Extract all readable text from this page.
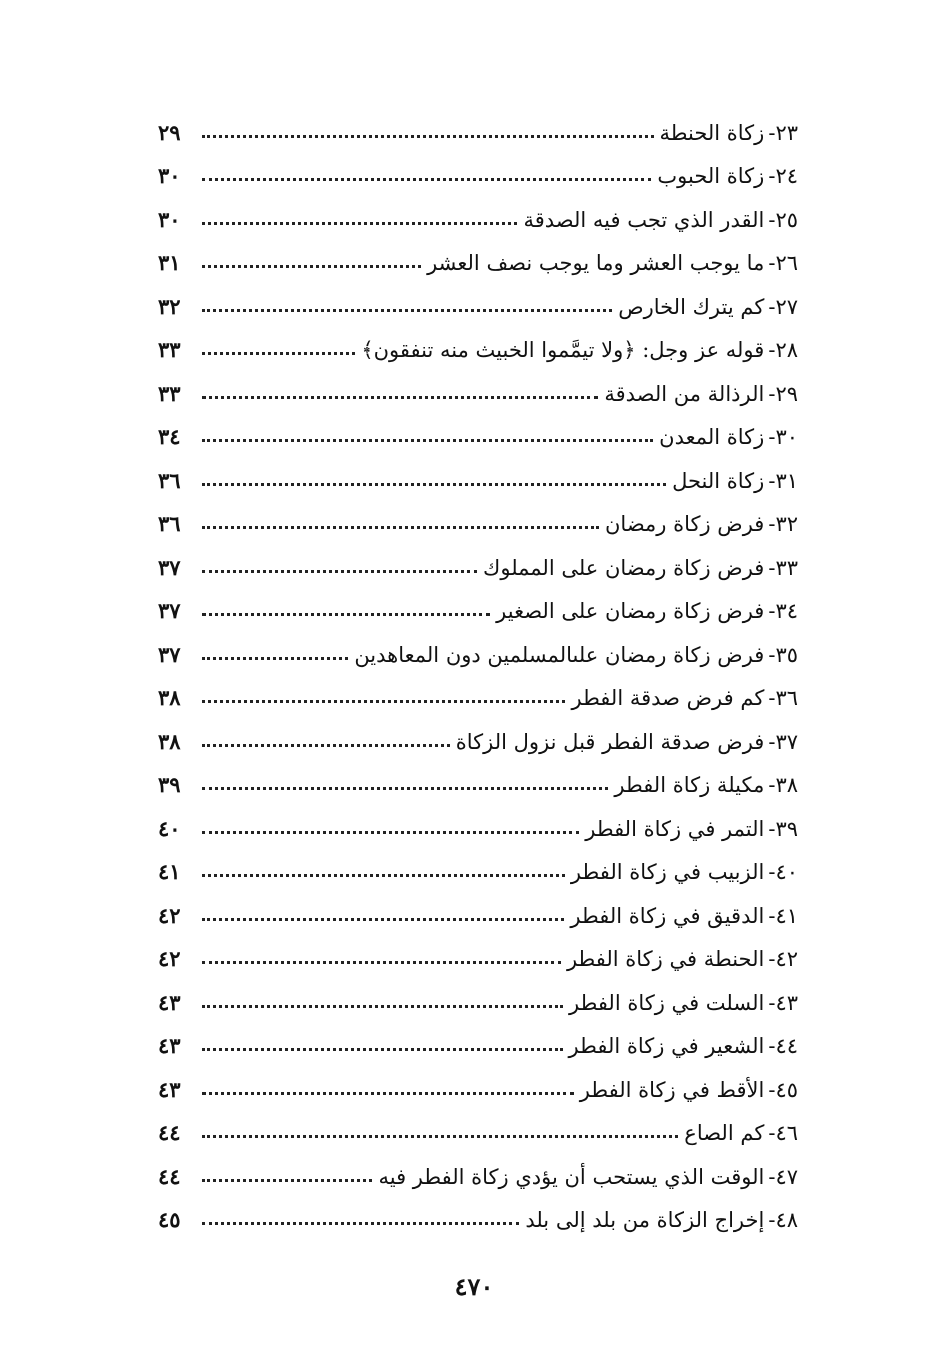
٢٣-
زكاة الحنطة
٢٩
٢٤-
زكاة الحبوب
٣٠
٢٥-
القدر الذي تجب فيه الصدقة
٣٠
٢٦-
ما يوجب العشر وما يوجب نصف العشر
٣١
٢٧-
كم يترك الخارص
٣٢
٢٨-
قوله عز وجل: ﴿ولا تيمَّموا الخبيث منه تنفقون﴾
٣٣
٢٩-
الرذالة من الصدقة
٣٣
٣٠-
زكاة المعدن
٣٤
٣١-
زكاة النحل
٣٦
٣٢-
فرض زكاة رمضان
٣٦
٣٣-
فرض زكاة رمضان على المملوك
٣٧
٣٤-
فرض زكاة رمضان على الصغير
٣٧
٣٥-
فرض زكاة رمضان علىالمسلمين دون المعاهدين
٣٧
٣٦-
كم فرض صدقة الفطر
٣٨
٣٧-
فرض صدقة الفطر قبل نزول الزكاة
٣٨
٣٨-
مكيلة زكاة الفطر
٣٩
٣٩-
التمر في زكاة الفطر
٤٠
٤٠-
الزبيب في زكاة الفطر
٤١
٤١-
الدقيق في زكاة الفطر
٤٢
٤٢-
الحنطة في زكاة الفطر
٤٢
٤٣-
السلت في زكاة الفطر
٤٣
٤٤-
الشعير في زكاة الفطر
٤٣
٤٥-
الأقط في زكاة الفطر
٤٣
٤٦-
كم الصاع
٤٤
٤٧-
الوقت الذي يستحب أن يؤدي زكاة الفطر فيه
٤٤
٤٨-
إخراج الزكاة من بلد إلى بلد
٤٥
٤٧٠
